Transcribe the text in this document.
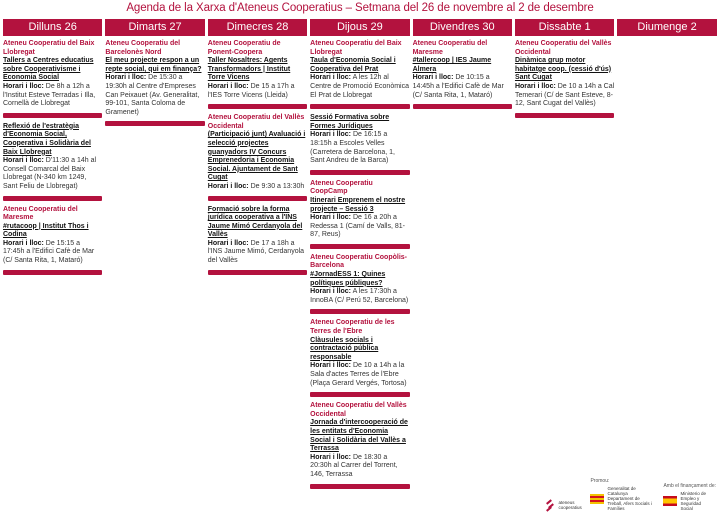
Agenda de la Xarxa d'Ateneus Cooperatius – Setmana del 26 de novembre al 2 de desembre
Dilluns 26
Ateneu Cooperatiu del Baix Llobregat
Tallers a Centres educatius sobre Cooperativisme i Economia Social
Horari i lloc: De 8h a 12h a l'Institut Esteve Terradas i Illa, Cornellà de Llobregat
Reflexió de l'estratègia d'Economia Social, Cooperativa i Solidària del Baix Llobregat
Horari i lloc: D'11:30 a 14h al Consell Comarcal del Baix Llobregat (N-340 km 1249, Sant Feliu de Llobregat)
Ateneu Cooperatiu del Maresme
#rutacoop | Institut Thos i Codina
Horari i lloc: De 15:15 a 17:45h a l'Edifici Cafè de Mar (C/ Santa Rita, 1, Mataró)
Dimarts 27
Ateneu Cooperatiu del Barcelonès Nord
El meu projecte respon a un repte social, qui em finança?
Horari i lloc: De 15:30 a 19:30h al Centre d'Empreses Can Peixauet (Av. Generalitat, 99-101, Santa Coloma de Gramenet)
Dimecres 28
Ateneu Cooperatiu de Ponent-Coopera
Taller Nosaltres: Agents Transformadors | Institut Torre Vicens
Horari i lloc: De 15 a 17h a l'IES Torre Vicens (Lleida)
Ateneu Cooperatiu del Vallès Occidental
(Participació junt) Avaluació i selecció projectes guanyadors IV Concurs Emprenedoria i Economia Social. Ajuntament de Sant Cugat
Horari i lloc: De 9:30 a 13:30h
Formació sobre la forma jurídica cooperativa a l'INS Jaume Mimó Cerdanyola del Vallès
Horari i lloc: De 17 a 18h a l'INS Jaume Mimó, Cerdanyola del Vallès
Dijous 29
Ateneu Cooperatiu del Baix Llobregat
Taula d'Economia Social i Cooperativa del Prat
Horari i lloc: A les 12h al Centre de Promoció Econòmica El Prat de Llobregat
Sessió Formativa sobre Formes Jurídiques
Horari i lloc: De 16:15 a 18:15h a Escoles Velles (Carretera de Barcelona, 1, Sant Andreu de la Barca)
Ateneu Cooperatiu CoopCamp
Itinerari Emprenem el nostre projecte – Sessió 3
Horari i lloc: De 16 a 20h a Redessa 1 (Camí de Valls, 81-87, Reus)
Ateneu Cooperatiu Coopòlis-Barcelona
#JornadESS 1: Quines polítiques públiques?
Horari i lloc: A les 17:30h a InnoBA (C/ Perú 52, Barcelona)
Ateneu Cooperatiu de les Terres de l'Ebre
Clàusules socials i contractació pública responsable
Horari i lloc: De 10 a 14h a la Sala d'actes Terres de l'Ebre (Plaça Gerard Vergés, Tortosa)
Ateneu Cooperatiu del Vallès Occidental
Jornada d'intercooperació de les entitats d'Economia Social i Solidària del Vallès a Terrassa
Horari i lloc: De 18:30 a 20:30h al Carrer del Torrent, 146, Terrassa
Divendres 30
Ateneu Cooperatiu del Maresme
#tallercoop | IES Jaume Almera
Horari i lloc: De 10:15 a 14:45h a l'Edifici Cafè de Mar (C/ Santa Rita, 1, Mataró)
Dissabte 1
Ateneu Cooperatiu del Vallès Occidental
Dinàmica grup motor habitatge coop. (cessió d'ús) Sant Cugat
Horari i lloc: De 10 a 14h a Cal Temerari (C/ de Sant Esteve, 8-12, Sant Cugat del Vallès)
Diumenge 2
ateneus cooperatius
Promou:
Generalitat de Catalunya Departament de Treball, Afers Socials i Famílies
Amb el finançament de:
Ministerio de Empleo y Seguridad Social
